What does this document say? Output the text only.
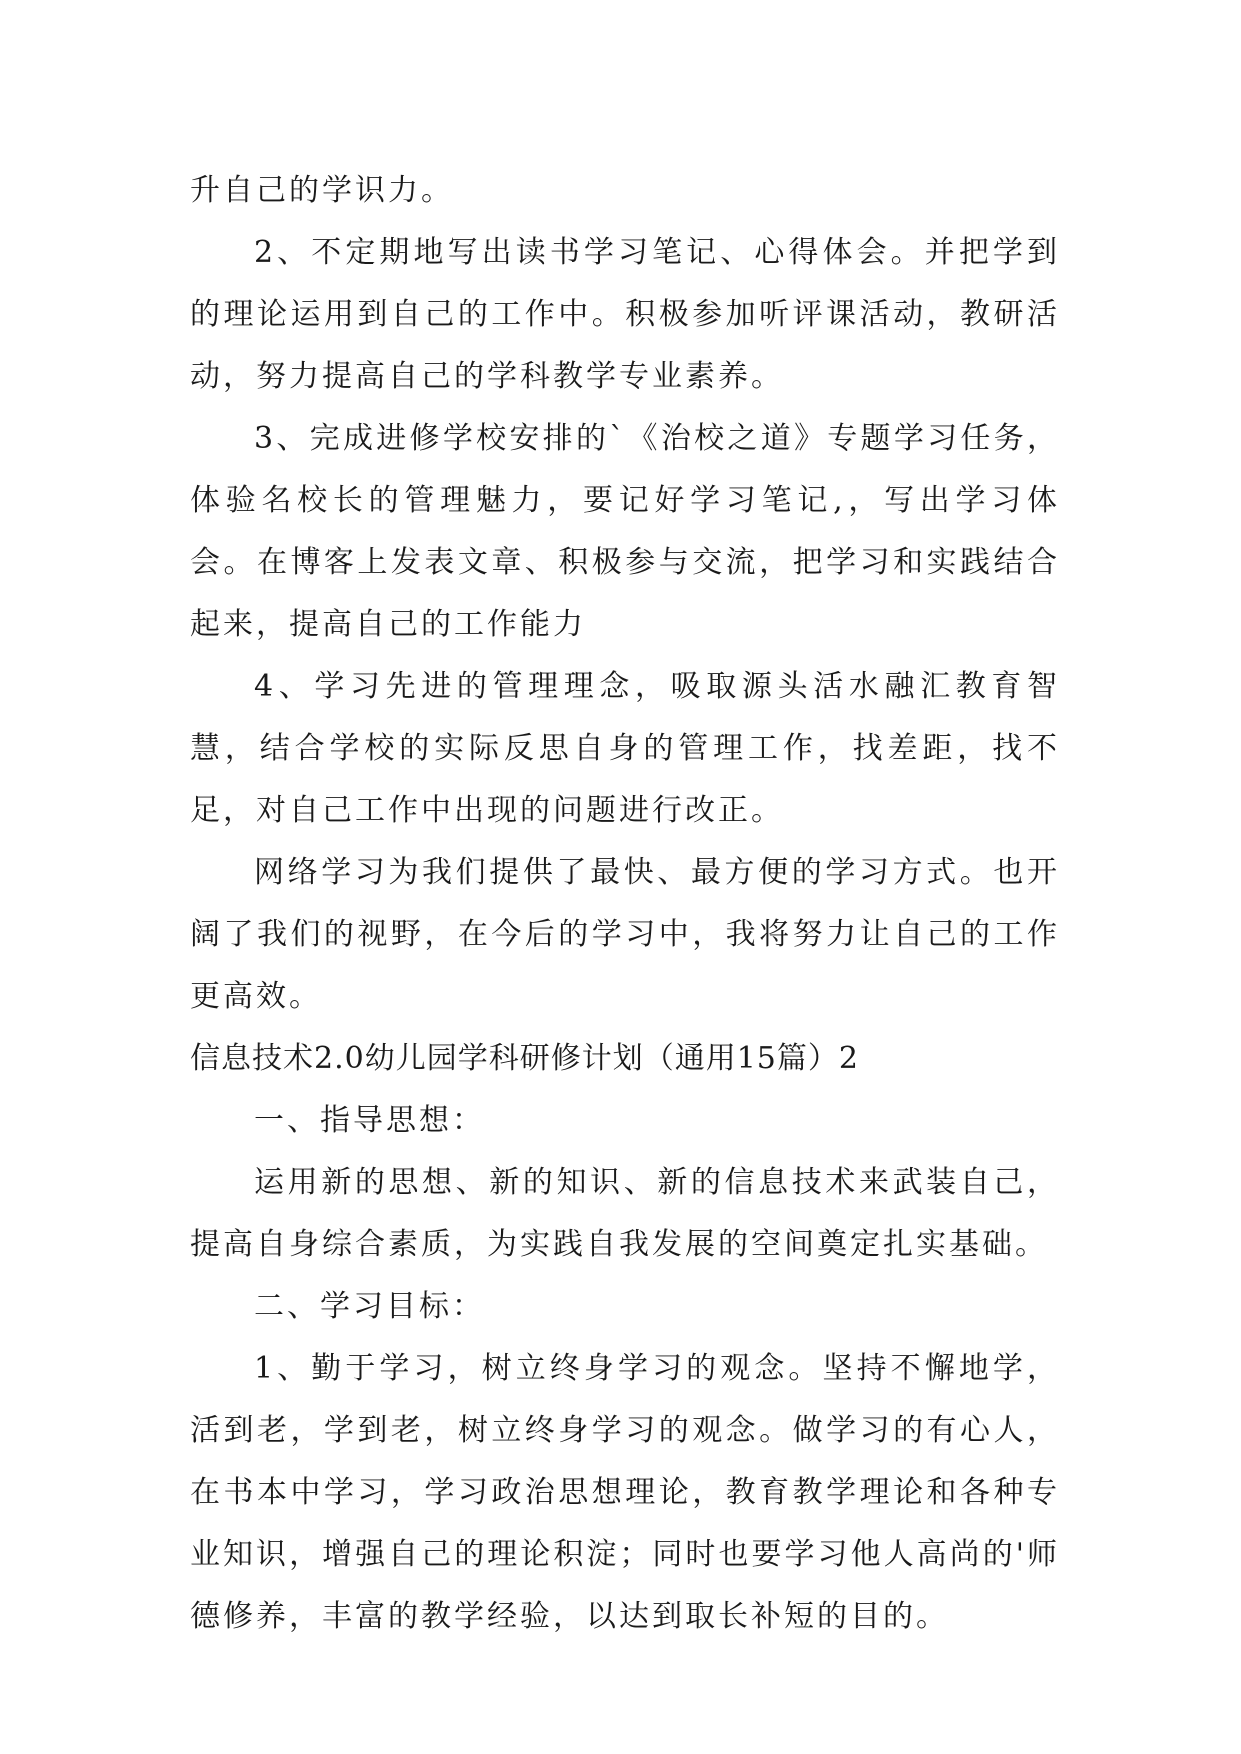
升自己的学识力。

2、不定期地写出读书学习笔记、心得体会。并把学到的理论运用到自己的工作中。积极参加听评课活动，教研活动，努力提高自己的学科教学专业素养。

3、完成进修学校安排的`《治校之道》专题学习任务，体验名校长的管理魅力，要记好学习笔记,，写出学习体会。在博客上发表文章、积极参与交流，把学习和实践结合起来，提高自己的工作能力

4、学习先进的管理理念，吸取源头活水融汇教育智慧，结合学校的实际反思自身的管理工作，找差距，找不足，对自己工作中出现的问题进行改正。

网络学习为我们提供了最快、最方便的学习方式。也开阔了我们的视野，在今后的学习中，我将努力让自己的工作更高效。

信息技术2.0幼儿园学科研修计划（通用15篇）2

一、指导思想：

运用新的思想、新的知识、新的信息技术来武装自己，提高自身综合素质，为实践自我发展的空间奠定扎实基础。

二、学习目标：

1、勤于学习，树立终身学习的观念。坚持不懈地学，活到老，学到老，树立终身学习的观念。做学习的有心人，在书本中学习，学习政治思想理论，教育教学理论和各种专业知识，增强自己的理论积淀；同时也要学习他人高尚的'师德修养，丰富的教学经验，以达到取长补短的目的。
